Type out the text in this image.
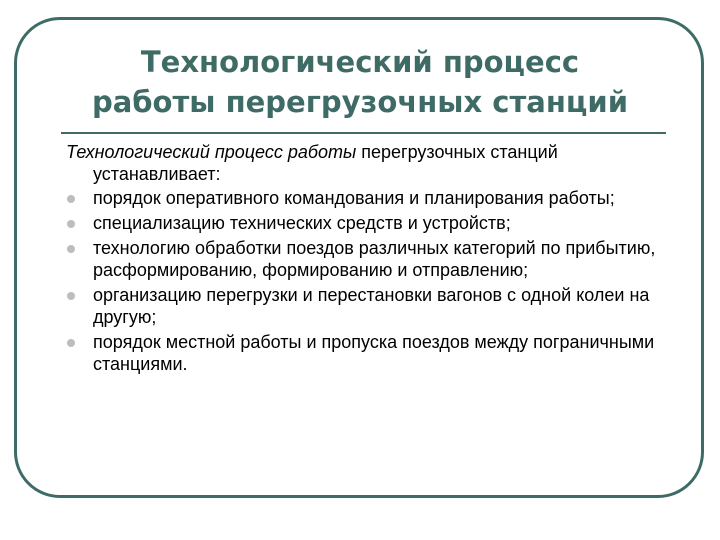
Технологический процесс
работы перегрузочных станций

Технологический процесс работы перегрузочных станций устанавливает:

порядок оперативного командования и планирования работы;
специализацию технических средств и устройств;
технологию обработки поездов различных категорий по прибытию, расформированию, формированию и отправлению;
организацию перегрузки и перестановки вагонов с одной колеи на другую;
порядок местной работы и пропуска поездов между пограничными станциями.
